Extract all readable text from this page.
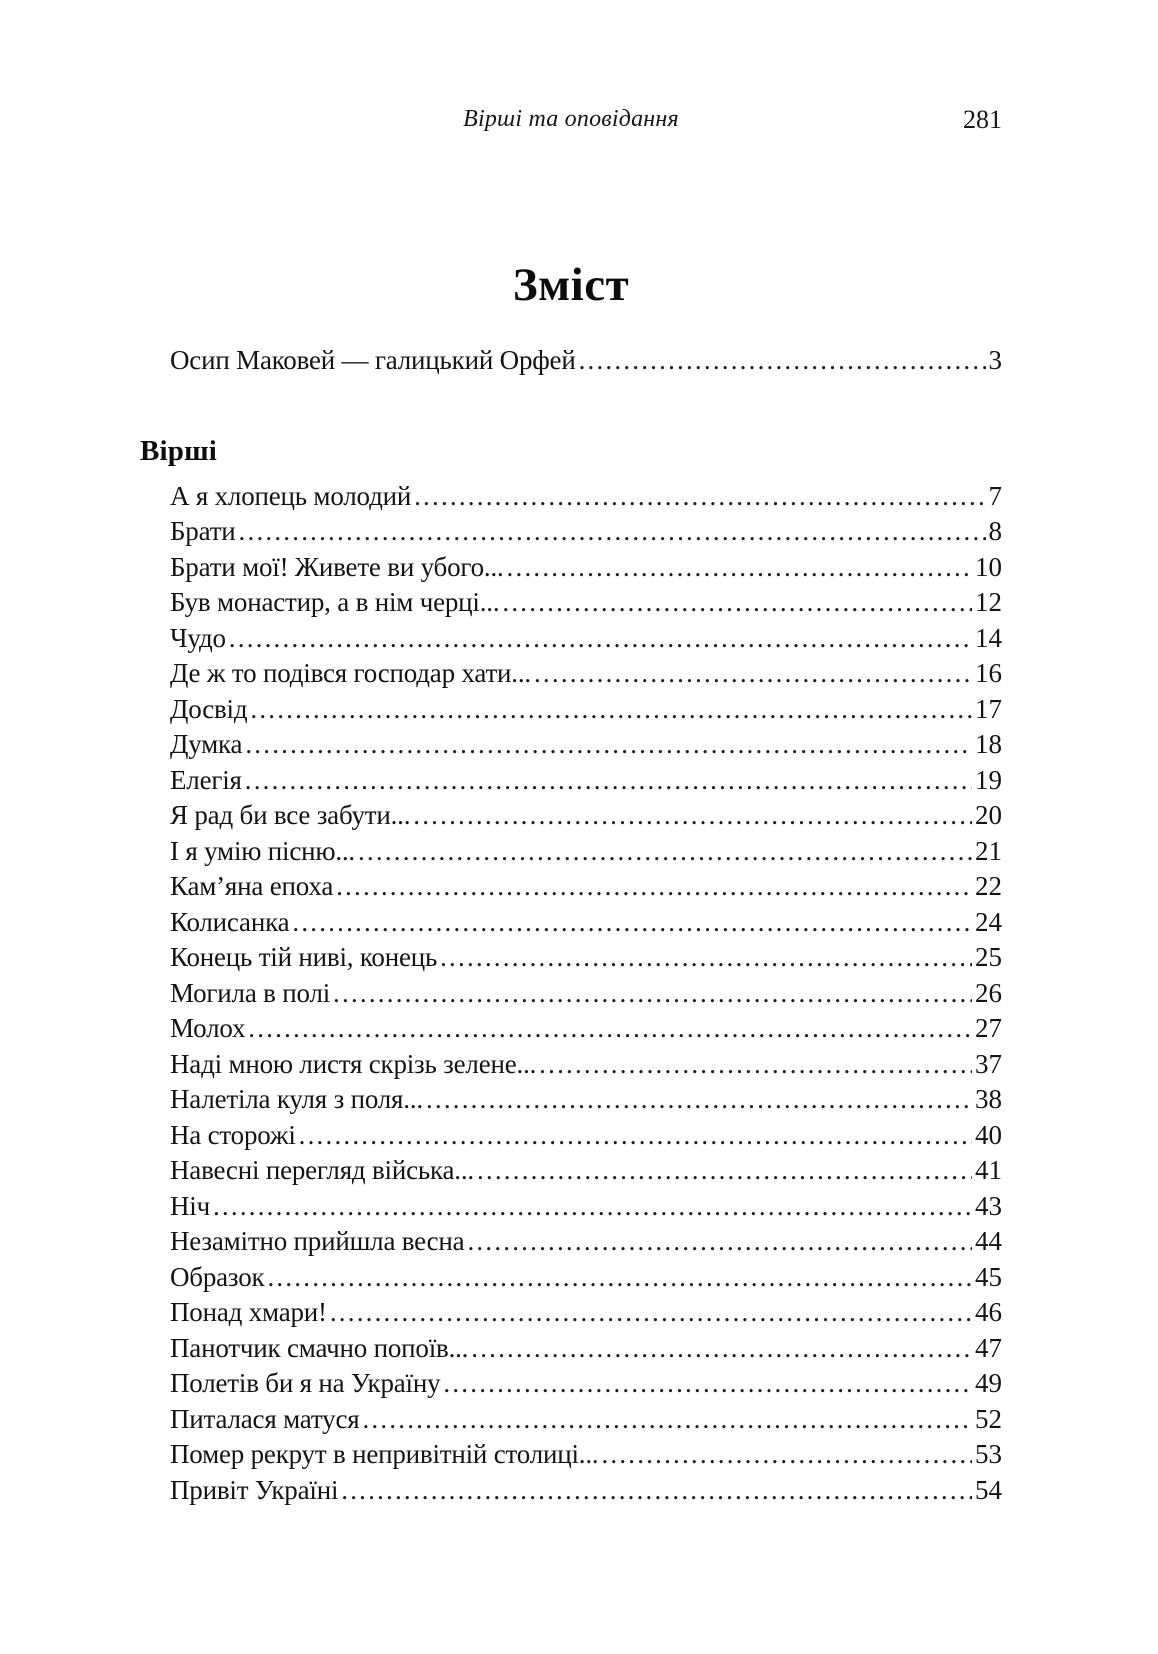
Вірші та оповідання	281
Зміст
Осип Маковей — галицький Орфей .....	3
Вірші
А я хлопець молодий .....	7
Брати .....	8
Брати мої! Живете ви убого... .....	10
Був монастир, а в нім черці... .....	12
Чудо .....	14
Де ж то подівся господар хати... .....	16
Досвід .....	17
Думка .....	18
Елегія .....	19
Я рад би все забути... .....	20
І я умію пісню... .....	21
Кам’яна епоха .....	22
Колисанка .....	24
Конець тій ниві, конець .....	25
Могила в полі .....	26
Молох .....	27
Наді мною листя скрізь зелене... .....	37
Налетіла куля з поля... .....	38
На сторожі .....	40
Навесні перегляд війська... .....	41
Ніч .....	43
Незамітно прийшла весна .....	44
Образок .....	45
Понад хмари! .....	46
Панотчик смачно попоїв... .....	47
Полетів би я на Україну .....	49
Питалася матуся .....	52
Помер рекрут в непривітній столиці... .....	53
Привіт Україні .....	54
